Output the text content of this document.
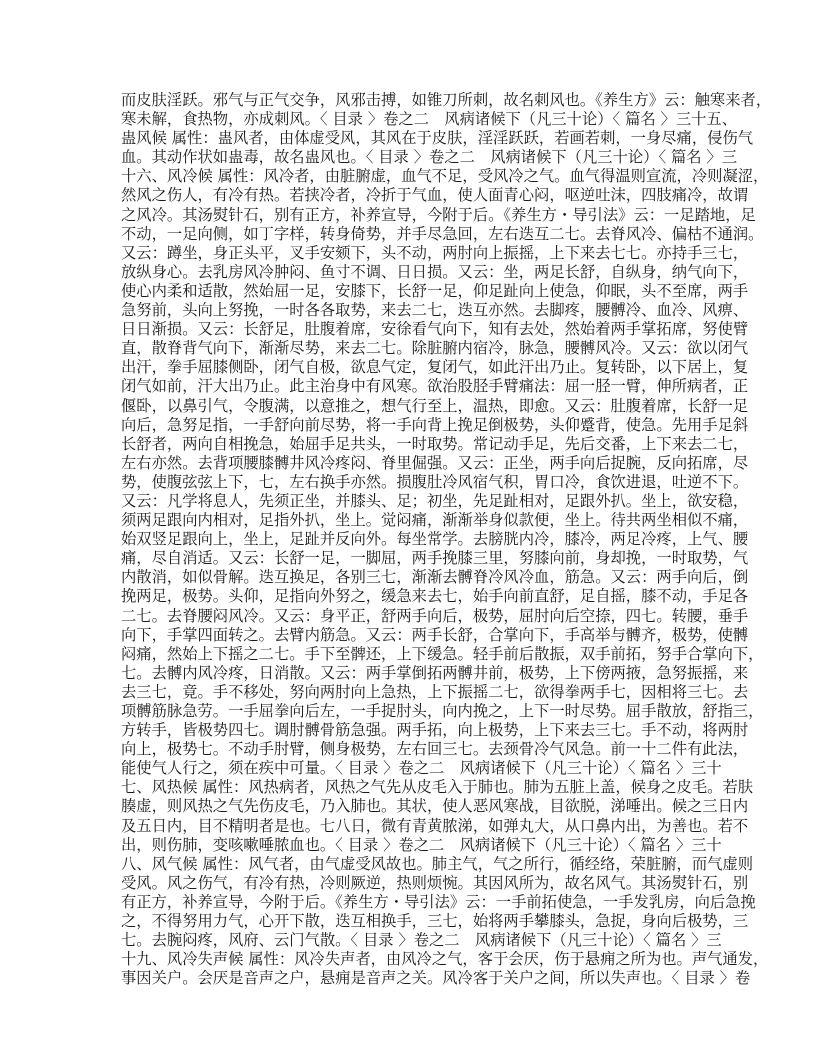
而皮肤淫跃。邪气与正气交争，风邪击搏，如锥刀所刺，故名刺风也。《养生方》云：触寒来者，
寒未解，食热物，亦成刺风。〈 目录 〉卷之二　风病诸候下（凡三十论）〈 篇名 〉三十五、
蛊风候 属性：蛊风者，由体虚受风，其风在于皮肤，淫淫跃跃，若画若刺，一身尽痛，侵伤气
血。其动作状如蛊毒，故名蛊风也。〈 目录 〉卷之二　风病诸候下（凡三十论）〈 篇名 〉三
十六、风冷候 属性：风冷者，由脏腑虚，血气不足，受风冷之气。血气得温则宣流，冷则凝涩，
然风之伤人，有冷有热。若挟冷者，冷折于气血，使人面青心闷，呕逆吐沫，四肢痛冷，故谓
之风冷。其汤熨针石，别有正方，补养宣导，今附于后。《养生方・导引法》云：一足踏地，足
不动，一足向侧，如丁字样，转身倚势，并手尽急回，左右迭互二七。去脊风冷、偏枯不通润。
又云：蹲坐，身正头平，叉手安颏下，头不动，两肘向上振摇，上下来去七七。亦持手三七，
放纵身心。去乳房风冷肿闷、鱼寸不调、日日损。又云：坐，两足长舒，自纵身，纳气向下，
使心内柔和适散，然始屈一足，安膝下，长舒一足，仰足趾向上使急，仰眠，头不至席，两手
急努前，头向上努挽，一时各各取势，来去二七，迭互亦然。去脚疼，腰髆冷、血冷、风痹、
日日渐损。又云：长舒足，肚腹着席，安徐看气向下，知有去处，然始着两手掌拓席，努使臂
直，散脊背气向下，渐渐尽势，来去二七。除脏腑内宿冷，脉急，腰髆风冷。又云：欲以闭气
出汗，拳手屈膝侧卧，闭气自极，欲息气定，复闭气，如此汗出乃止。复转卧，以下居上，复
闭气如前，汗大出乃止。此主治身中有风寒。欲治股胫手臂痛法：屈一胫一臂，伸所病者，正
偃卧，以鼻引气，令腹满，以意推之，想气行至上，温热，即愈。又云：肚腹着席，长舒一足
向后，急努足指，一手舒向前尽势，将一手向背上挽足倒极势，头仰蹙背，使急。先用手足斜
长舒者，两向自相挽急，始屈手足共头，一时取势。常记动手足，先后交番，上下来去二七，
左右亦然。去背项腰膝髆井风冷疼闷、脊里倔强。又云：正坐，两手向后捉腕，反向拓席，尽
势，使腹弦弦上下，七，左右换手亦然。损腹肚冷风宿气积，胃口冷，食饮进退，吐逆不下。
又云：凡学将息人，先须正坐，并膝头、足；初坐，先足趾相对，足跟外扒。坐上，欲安稳，
须两足跟向内相对，足指外扒，坐上。觉闷痛，渐渐举身似款便，坐上。待共两坐相似不痛，
始双竖足跟向上，坐上，足趾并反向外。每坐常学。去膀胱内冷，膝冷，两足冷疼，上气、腰
痛，尽自消适。又云：长舒一足，一脚屈，两手挽膝三里，努膝向前，身却挽，一时取势，气
内散消，如似骨解。迭互换足，各别三七，渐渐去髆脊冷风冷血，筋急。又云：两手向后，倒
挽两足，极势。头仰，足指向外努之，缓急来去七，始手向前直舒，足自摇，膝不动，手足各
二七。去脊腰闷风冷。又云：身平正，舒两手向后，极势，屈肘向后空捺，四七。转腰，垂手
向下，手掌四面转之。去臂内筋急。又云：两手长舒，合掌向下，手高举与髆齐，极势，使髆
闷痛，然始上下摇之二七。手下至髀还，上下缓急。轻手前后散振，双手前拓，努手合掌向下，
七。去髆内风冷疼，日消散。又云：两手掌倒拓两髆井前，极势，上下傍两掖，急努振摇，来
去三七，竟。手不移处，努向两肘向上急热，上下振摇二七，欲得拳两手七，因相将三七。去
项髆筋脉急劳。一手屈拳向后左，一手捉肘头，向内挽之，上下一时尽势。屈手散放，舒指三，
方转手，皆极势四七。调肘髆骨筋急强。两手拓，向上极势，上下来去三七。手不动，将两肘
向上，极势七。不动手肘臂，侧身极势，左右回三七。去颈骨冷气风急。前一十二件有此法，
能使气人行之，须在疾中可量。〈 目录 〉卷之二　风病诸候下（凡三十论）〈 篇名 〉三十
七、风热候 属性：风热病者，风热之气先从皮毛入于肺也。肺为五脏上盖，候身之皮毛。若肤
腠虚，则风热之气先伤皮毛，乃入肺也。其状，使人恶风寒战，目欲脱，涕唾出。候之三日内
及五日内，目不精明者是也。七八日，微有青黄脓涕，如弹丸大，从口鼻内出，为善也。若不
出，则伤肺，变咳嗽唾脓血也。〈 目录 〉卷之二　风病诸候下（凡三十论）〈 篇名 〉三十
八、风气候 属性：风气者，由气虚受风故也。肺主气，气之所行，循经络，荣脏腑，而气虚则
受风。风之伤气，有冷有热，冷则厥逆，热则烦惋。其因风所为，故名风气。其汤熨针石，别
有正方，补养宣导，今附于后。《养生方・导引法》云：一手前拓使急，一手发乳房，向后急挽
之，不得努用力气，心开下散，迭互相换手，三七，始将两手攀膝头，急捉，身向后极势，三
七。去腕闷疼，风府、云门气散。〈 目录 〉卷之二　风病诸候下（凡三十论）〈 篇名 〉三
十九、风冷失声候 属性：风冷失声者，由风冷之气，客于会厌，伤于悬痈之所为也。声气通发，
事因关户。会厌是音声之户，悬痈是音声之关。风冷客于关户之间，所以失声也。〈 目录 〉卷
